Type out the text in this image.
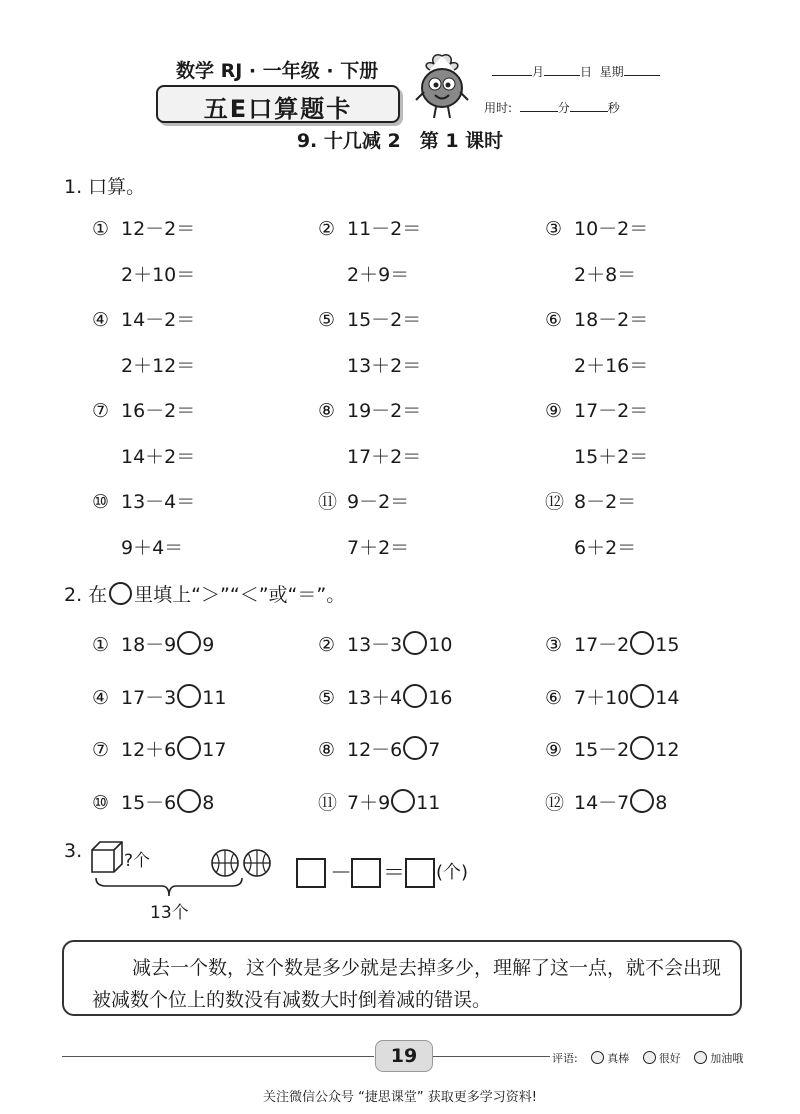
数学 RJ · 一年级 · 下册
五E口算题卡
月	日 星期
用时:	分	秒
9. 十几减 2　第 1 课时
1. 口算。
① 12－2＝	② 11－2＝	③ 10－2＝
2＋10＝	2＋9＝	2＋8＝
④ 14－2＝	⑤ 15－2＝	⑥ 18－2＝
2＋12＝	13＋2＝	2＋16＝
⑦ 16－2＝	⑧ 19－2＝	⑨ 17－2＝
14＋2＝	17＋2＝	15＋2＝
⑩ 13－4＝	⑪ 9－2＝	⑫ 8－2＝
9＋4＝	7＋2＝	6＋2＝
2. 在 里填上“＞”“＜”或“＝”。
① 18－9 9	② 13－3 10	③ 17－2 15
④ 17－3 11	⑤ 13＋4 16	⑥ 7＋10 14
⑦ 12＋6 17	⑧ 12－6 7	⑨ 15－2 12
⑩ 15－6 8	⑪ 7＋9 11	⑫ 14－7 8
3. ?个
13个
－ ＝ (个)
减去一个数，这个数是多少就是去掉多少，理解了这一点，就不会出现被减数个位上的数没有减数大时倒着减的错误。
19	评语:	真棒	很好	加油哦
关注微信公众号 “捷思课堂” 获取更多学习资料!
